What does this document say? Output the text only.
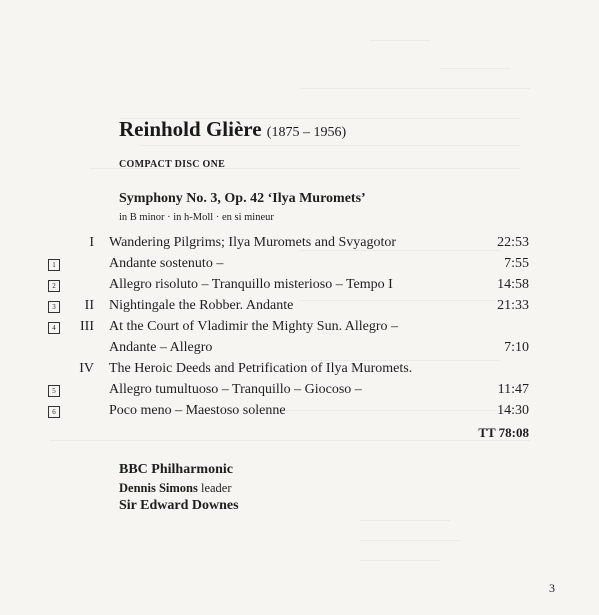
Reinhold Glière (1875 – 1956)
COMPACT DISC ONE
Symphony No. 3, Op. 42 ‘Ilya Muromets’
in B minor · in h-Moll · en si mineur
I Wandering Pilgrims; Ilya Muromets and Svyagotor	22:53
1	Andante sostenuto –	7:55
2	Allegro risoluto – Tranquillo misterioso – Tempo I	14:58
3	II Nightingale the Robber. Andante	21:33
4	III At the Court of Vladimir the Mighty Sun. Allegro –
Andante – Allegro	7:10
IV The Heroic Deeds and Petrification of Ilya Muromets.
5	Allegro tumultuoso – Tranquillo – Giocoso –	11:47
6	Poco meno – Maestoso solenne	14:30
TT 78:08
BBC Philharmonic
Dennis Simons leader
Sir Edward Downes
3
